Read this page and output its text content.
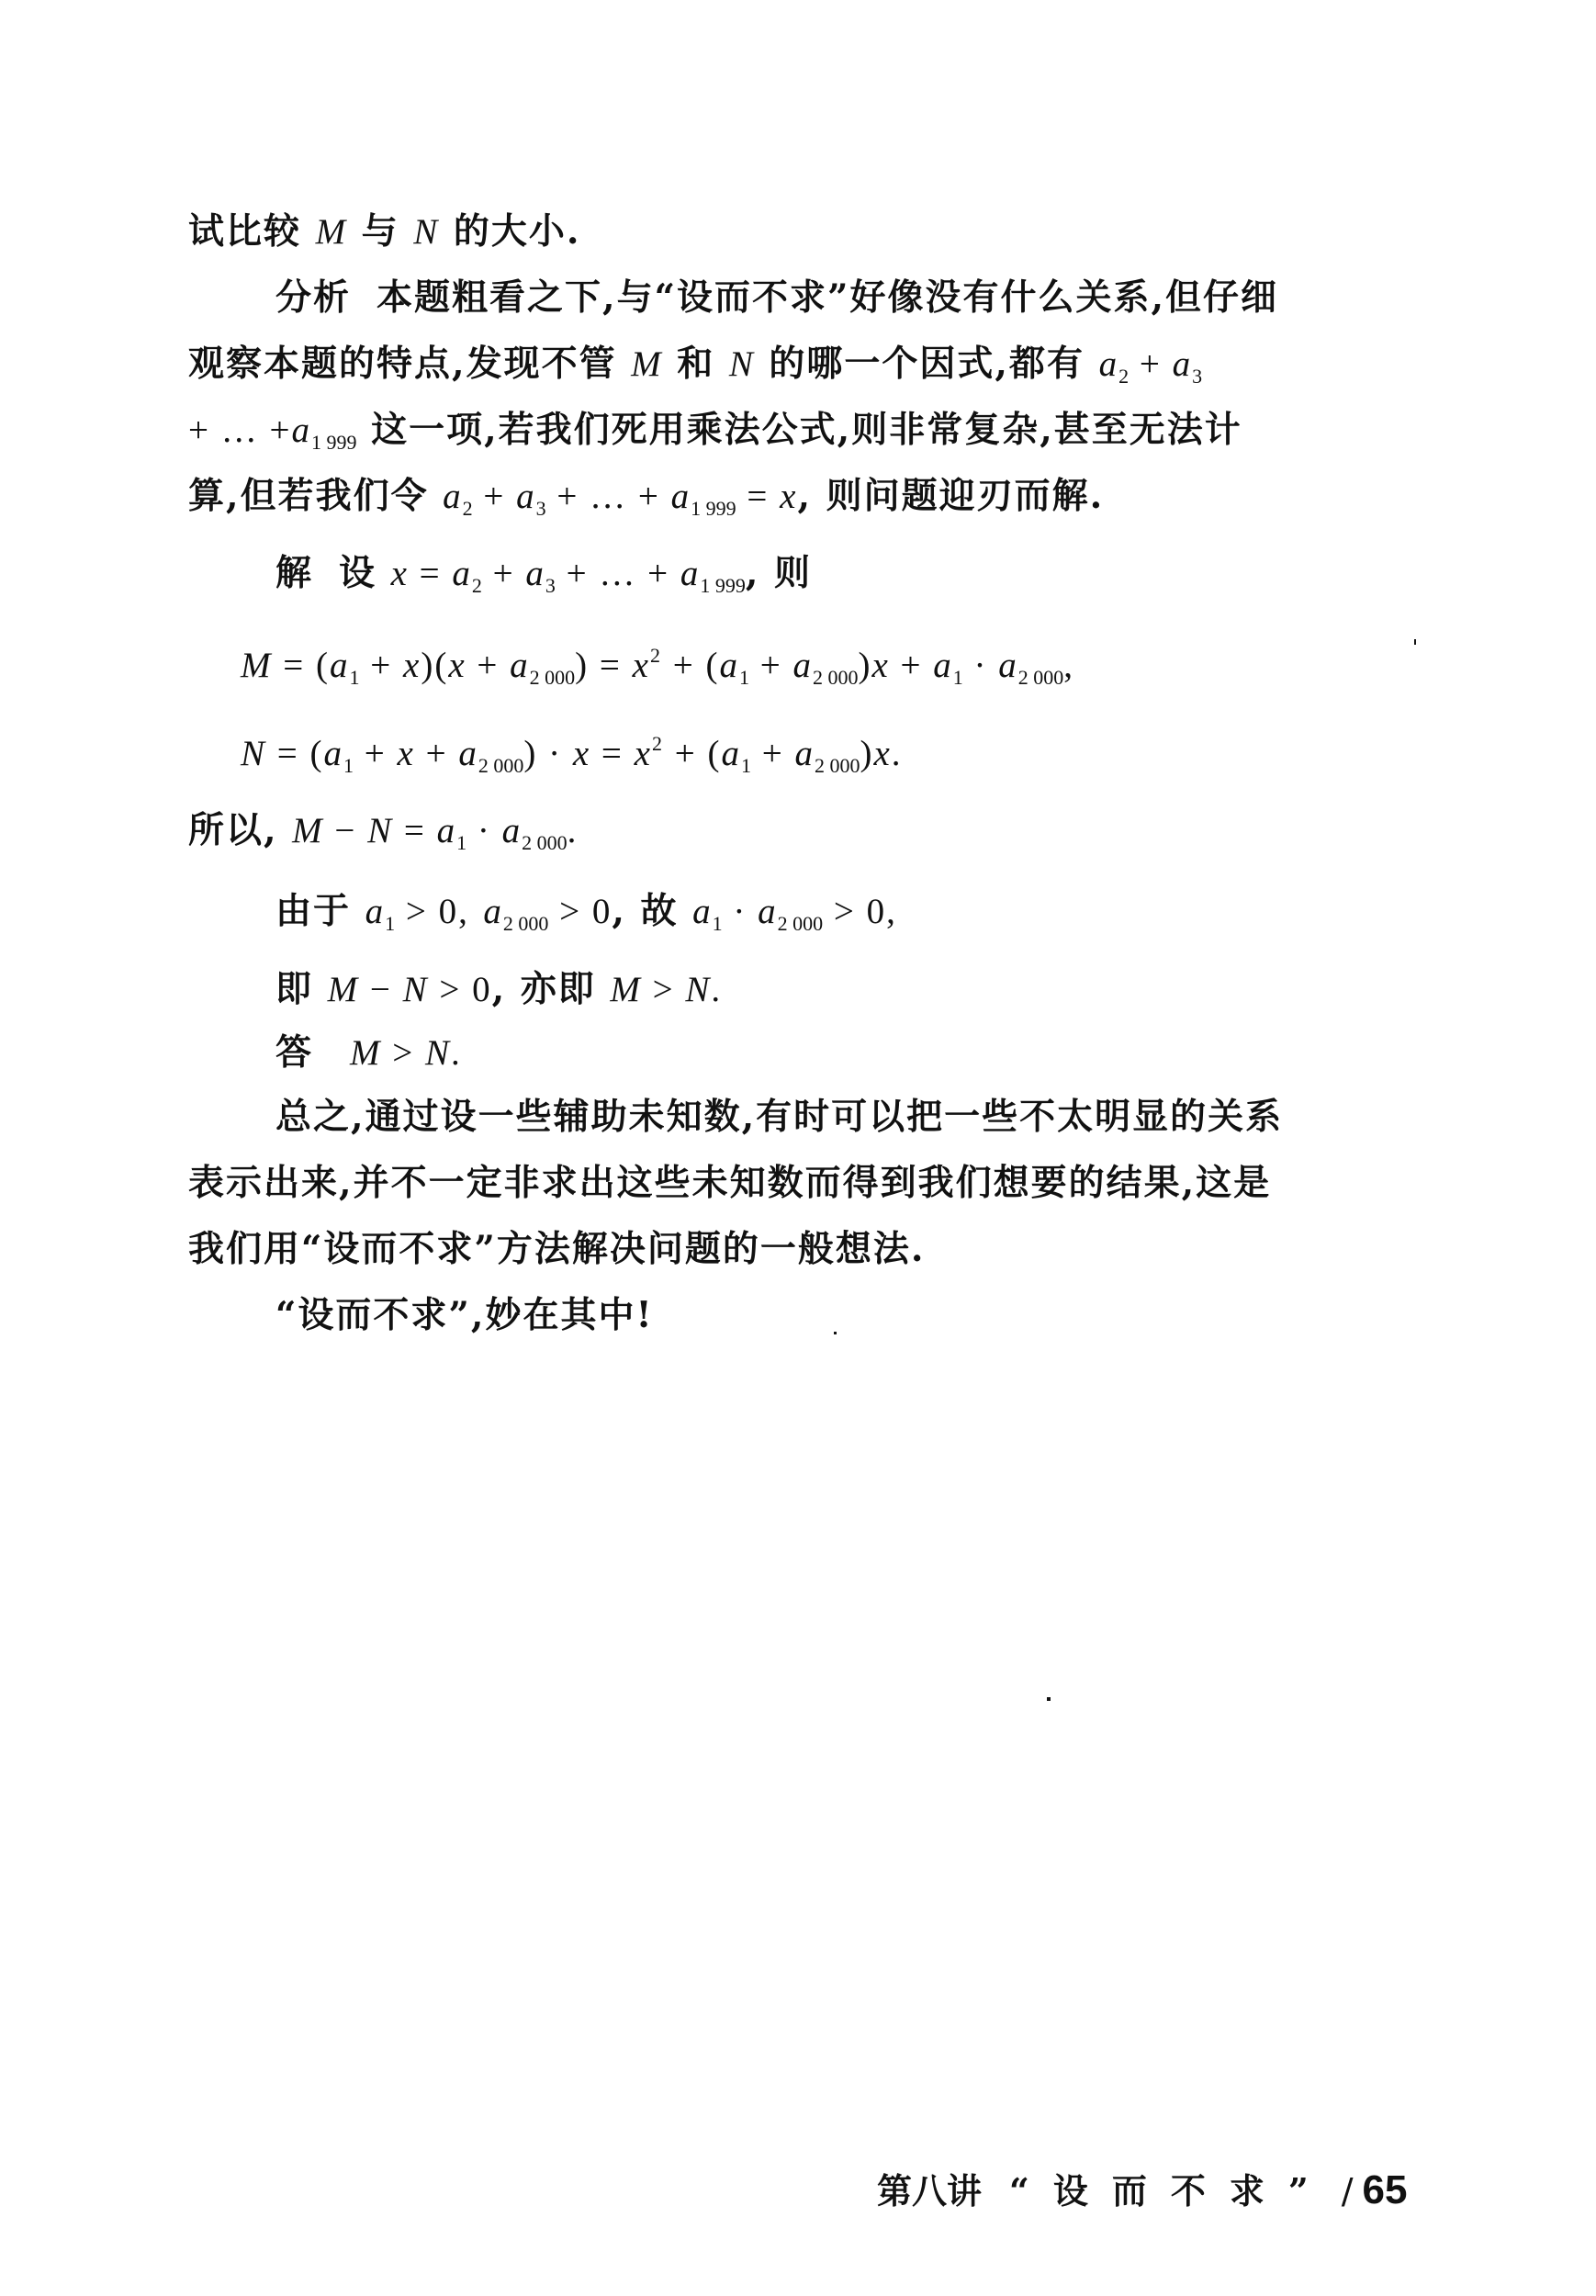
试比较 M 与 N 的大小.
分析 本题粗看之下,与“设而不求”好像没有什么关系,但仔细
观察本题的特点,发现不管 M 和 N 的哪一个因式,都有 $a_2 + a_3$
+ … $+a_{1 999}$ 这一项,若我们死用乘法公式,则非常复杂,甚至无法计
算,但若我们令 $a_2 + a_3$ + … + $a_{1 999} = x$, 则问题迎刃而解.
解 设 $x = a_2 + a_3$ + … + $a_{1 999}$, 则
$M = (a_1 + x)(x + a_{2 000}) = x^2 + (a_1 + a_{2 000})x + a_1 \cdot a_{2 000}$,
$N = (a_1 + x + a_{2 000}) \cdot x = x^2 + (a_1 + a_{2 000})x$.
所以, $M - N = a_1 \cdot a_{2 000}$.
由于 $a_1 > 0$, $a_{2 000} > 0$, 故 $a_1 \cdot a_{2 000} > 0$,
即 M − N > 0, 亦即 M > N.
答 M > N.
总之,通过设一些辅助未知数,有时可以把一些不太明显的关系
表示出来,并不一定非求出这些未知数而得到我们想要的结果,这是
我们用“设而不求”方法解决问题的一般想法.
“设而不求”,妙在其中!
第八讲 “设而不求” / 65
